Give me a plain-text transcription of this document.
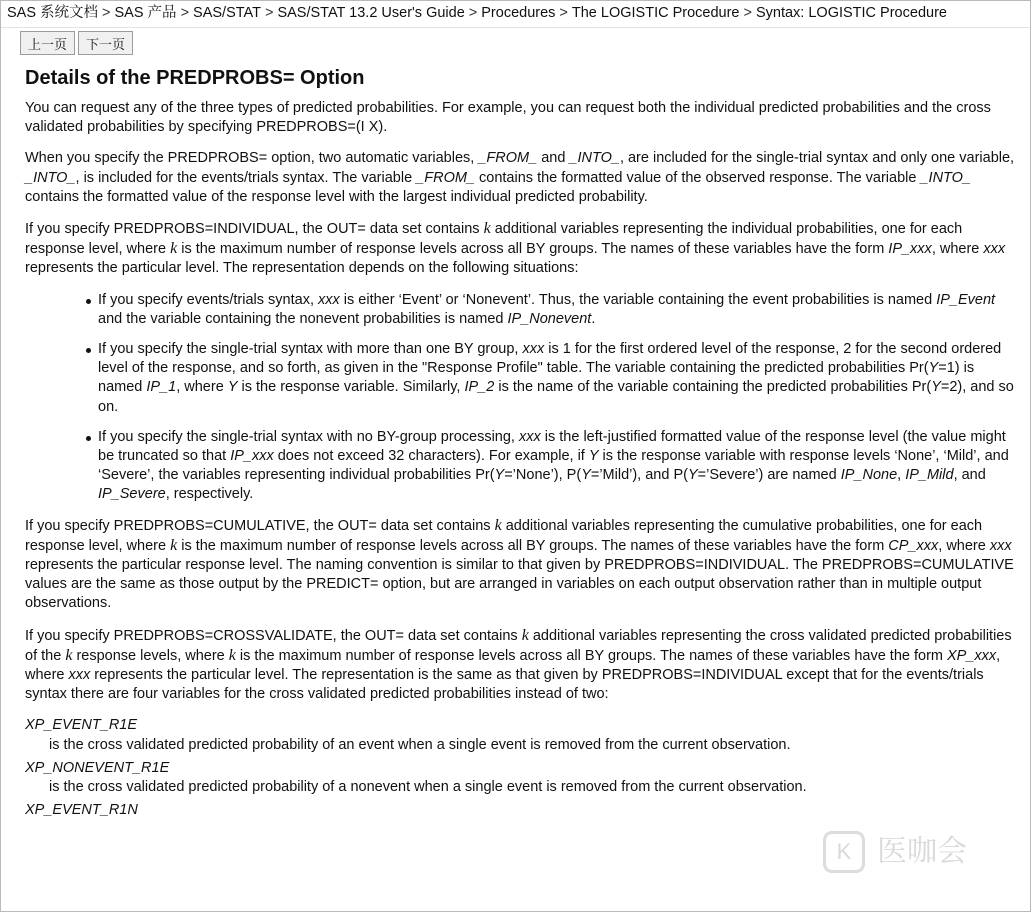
SAS 系统文档 > SAS 产品 > SAS/STAT > SAS/STAT 13.2 User's Guide > Procedures > The LOGISTIC Procedure > Syntax: LOGISTIC Procedure
上一页 下一页
Details of the PREDPROBS= Option

You can request any of the three types of predicted probabilities. For example, you can request both the individual predicted probabilities and the cross validated probabilities by specifying PREDPROBS=(I X).

When you specify the PREDPROBS= option, two automatic variables, _FROM_ and _INTO_, are included for the single-trial syntax and only one variable, _INTO_, is included for the events/trials syntax. The variable _FROM_ contains the formatted value of the observed response. The variable _INTO_ contains the formatted value of the response level with the largest individual predicted probability.

If you specify PREDPROBS=INDIVIDUAL, the OUT= data set contains k additional variables representing the individual probabilities, one for each response level, where k is the maximum number of response levels across all BY groups. The names of these variables have the form IP_xxx, where xxx represents the particular level. The representation depends on the following situations:

If you specify events/trials syntax, xxx is either ‘Event’ or ‘Nonevent’. Thus, the variable containing the event probabilities is named IP_Event and the variable containing the nonevent probabilities is named IP_Nonevent.
If you specify the single-trial syntax with more than one BY group, xxx is 1 for the first ordered level of the response, 2 for the second ordered level of the response, and so forth, as given in the "Response Profile" table. The variable containing the predicted probabilities Pr(Y=1) is named IP_1, where Y is the response variable. Similarly, IP_2 is the name of the variable containing the predicted probabilities Pr(Y=2), and so on.
If you specify the single-trial syntax with no BY-group processing, xxx is the left-justified formatted value of the response level (the value might be truncated so that IP_xxx does not exceed 32 characters). For example, if Y is the response variable with response levels ‘None’, ‘Mild’, and ‘Severe’, the variables representing individual probabilities Pr(Y=’None’), P(Y=’Mild’), and P(Y=’Severe’) are named IP_None, IP_Mild, and IP_Severe, respectively.

If you specify PREDPROBS=CUMULATIVE, the OUT= data set contains k additional variables representing the cumulative probabilities, one for each response level, where k is the maximum number of response levels across all BY groups. The names of these variables have the form CP_xxx, where xxx represents the particular response level. The naming convention is similar to that given by PREDPROBS=INDIVIDUAL. The PREDPROBS=CUMULATIVE values are the same as those output by the PREDICT= option, but are arranged in variables on each output observation rather than in multiple output observations.

If you specify PREDPROBS=CROSSVALIDATE, the OUT= data set contains k additional variables representing the cross validated predicted probabilities of the k response levels, where k is the maximum number of response levels across all BY groups. The names of these variables have the form XP_xxx, where xxx represents the particular level. The representation is the same as that given by PREDPROBS=INDIVIDUAL except that for the events/trials syntax there are four variables for the cross validated predicted probabilities instead of two:

XP_EVENT_R1E
is the cross validated predicted probability of an event when a single event is removed from the current observation.
XP_NONEVENT_R1E
is the cross validated predicted probability of a nonevent when a single event is removed from the current observation.
XP_EVENT_R1N
K 医咖会
